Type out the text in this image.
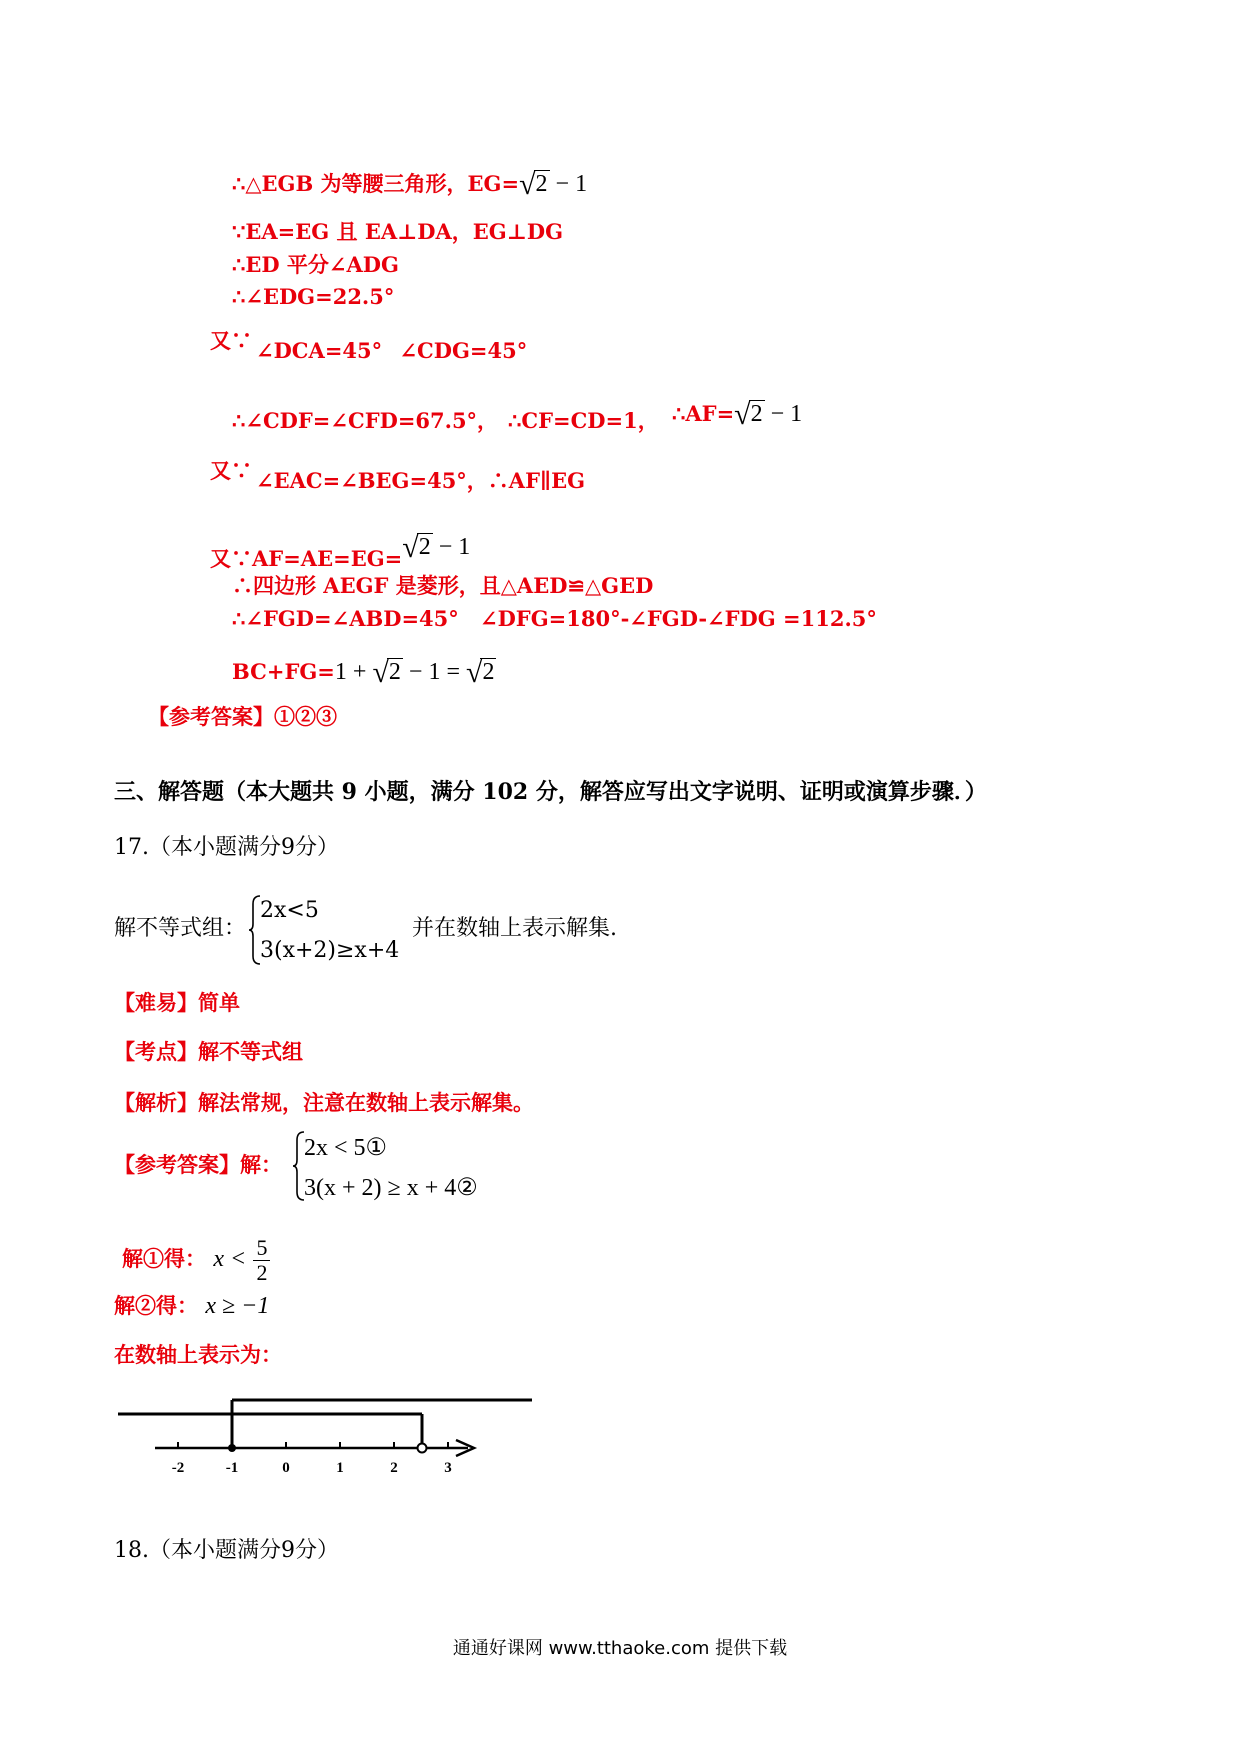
∴△EGB 为等腰三角形，EG=√2 − 1
∵EA=EG 且 EA⊥DA，EG⊥DG
∴ED 平分∠ADG
∴∠EDG=22.5°
又∵ ∠DCA=45° ∠CDG=45°
∴∠CDF=∠CFD=67.5°， ∴CF=CD=1， ∴AF=√2 − 1
又∵ ∠EAC=∠BEG=45°，∴AF∥EG
又∵AF=AE=EG=√2 − 1
∴四边形 AEGF 是菱形，且△AED≌△GED
∴∠FGD=∠ABD=45° ∠DFG=180°-∠FGD-∠FDG =112.5°
BC+FG=1 + √2 − 1 = √2
【参考答案】①②③
三、解答题（本大题共 9 小题，满分 102 分，解答应写出文字说明、证明或演算步骤．）
17.（本小题满分9分）
解不等式组：
2x<5
3(x+2)≥x+4
并在数轴上表示解集.
【难易】简单
【考点】解不等式组
【解析】解法常规，注意在数轴上表示解集。
【参考答案】解：
2x < 5①
3(x + 2) ≥ x + 4②
解①得： $x < \frac{5}{2}$
解②得： x ≥ −1
在数轴上表示为：
-2	-1	0	1	2	3
18.（本小题满分9分）
通通好课网 www.tthaoke.com 提供下载
